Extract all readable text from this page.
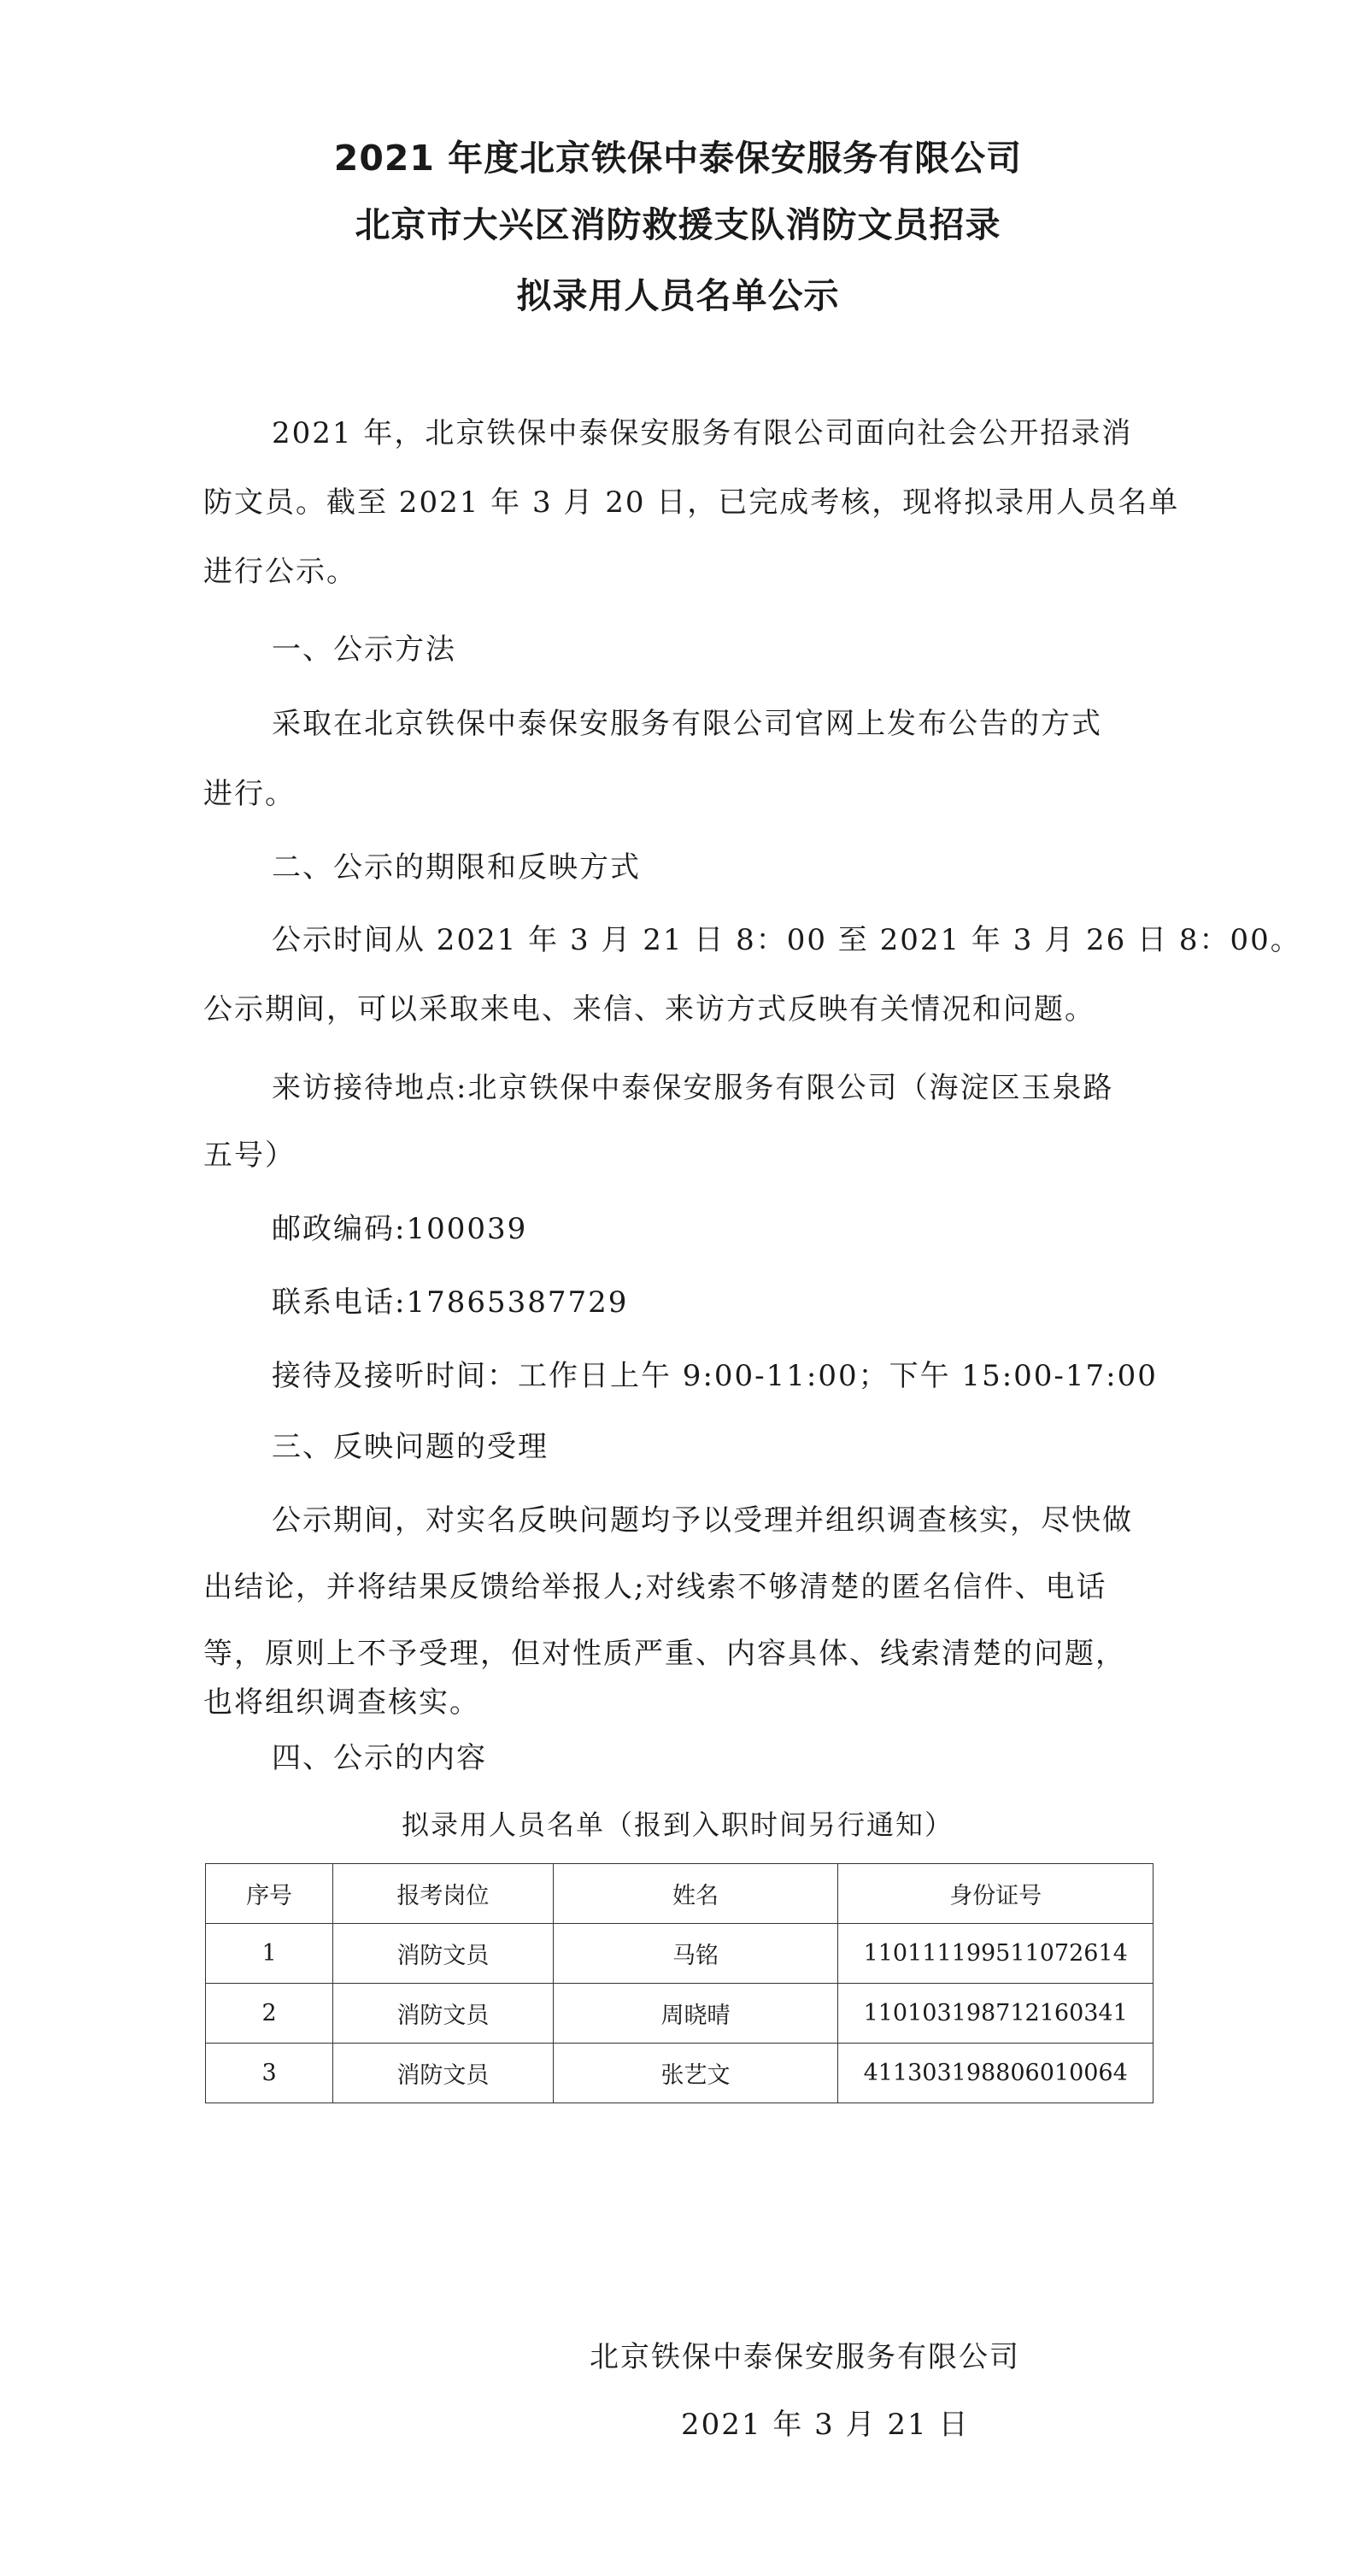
2021 年度北京铁保中泰保安服务有限公司
北京市大兴区消防救援支队消防文员招录
拟录用人员名单公示
2021 年，北京铁保中泰保安服务有限公司面向社会公开招录消
防文员。截至 2021 年 3 月 20 日，已完成考核，现将拟录用人员名单
进行公示。
一、公示方法
采取在北京铁保中泰保安服务有限公司官网上发布公告的方式
进行。
二、公示的期限和反映方式
公示时间从 2021 年 3 月 21 日 8：00 至 2021 年 3 月 26 日 8：00。
公示期间，可以采取来电、来信、来访方式反映有关情况和问题。
来访接待地点:北京铁保中泰保安服务有限公司（海淀区玉泉路
五号）
邮政编码:100039
联系电话:17865387729
接待及接听时间：工作日上午 9:00-11:00；下午 15:00-17:00
三、反映问题的受理
公示期间，对实名反映问题均予以受理并组织调查核实，尽快做
出结论，并将结果反馈给举报人;对线索不够清楚的匿名信件、电话
等，原则上不予受理，但对性质严重、内容具体、线索清楚的问题，
也将组织调查核实。
四、公示的内容
拟录用人员名单（报到入职时间另行通知）
序号	报考岗位	姓名	身份证号
1	消防文员	马铭	110111199511072614
2	消防文员	周晓晴	110103198712160341
3	消防文员	张艺文	411303198806010064
北京铁保中泰保安服务有限公司
2021 年 3 月 21 日
